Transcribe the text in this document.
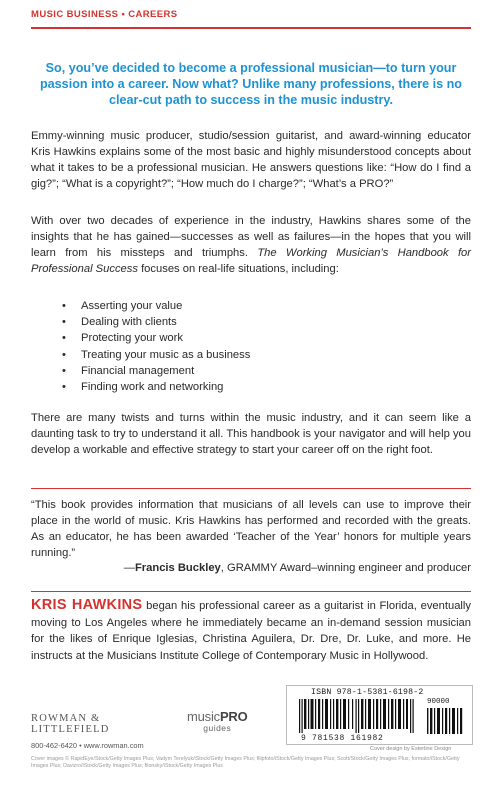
MUSIC BUSINESS • CAREERS
So, you’ve decided to become a professional musician—to turn your passion into a career. Now what? Unlike many professions, there is no clear-cut path to success in the music industry.
Emmy-winning music producer, studio/session guitarist, and award-winning educator Kris Hawkins explains some of the most basic and highly misunderstood concepts about what it takes to be a professional musician. He answers questions like: “How do I find a gig?”; “What is a copyright?”; “How much do I charge?”; “What’s a PRO?”
With over two decades of experience in the industry, Hawkins shares some of the insights that he has gained—successes as well as failures—in the hopes that you will learn from his missteps and triumphs. The Working Musician’s Handbook for Professional Success focuses on real-life situations, including:
• Asserting your value
• Dealing with clients
• Protecting your work
• Treating your music as a business
• Financial management
• Finding work and networking
There are many twists and turns within the music industry, and it can seem like a daunting task to try to understand it all. This handbook is your navigator and will help you develop a workable and effective strategy to start your career off on the right foot.
“This book provides information that musicians of all levels can use to improve their place in the world of music. Kris Hawkins has performed and recorded with the greats. As an educator, he has been awarded ‘Teacher of the Year’ honors for multiple years running.”
—Francis Buckley, GRAMMY Award–winning engineer and producer
KRIS HAWKINS began his professional career as a guitarist in Florida, eventually moving to Los Angeles where he immediately became an in-demand session musician for the likes of Enrique Iglesias, Christina Aguilera, Dr. Dre, Dr. Luke, and more. He instructs at the Musicians Institute College of Contemporary Music in Hollywood.
ROWMAN &
LITTLEFIELD
800-462-6420 • www.rowman.com
musicPRO
guides
ISBN 978-1-5381-6198-2
90000
9 781538 161982
Cover design by Esterline Design
Cover images © RapidEye/Stock/Getty Images Plus; Vadym Terelyuk/iStock/Getty Images Plus; filipfoto/iStock/Getty Images Plus; Scott/Stock/Getty Images Plus; formato/iStock/Getty Images Plus; Davizro/iStock/Getty Images Plus; filonsky/iStock/Getty Images Plus
